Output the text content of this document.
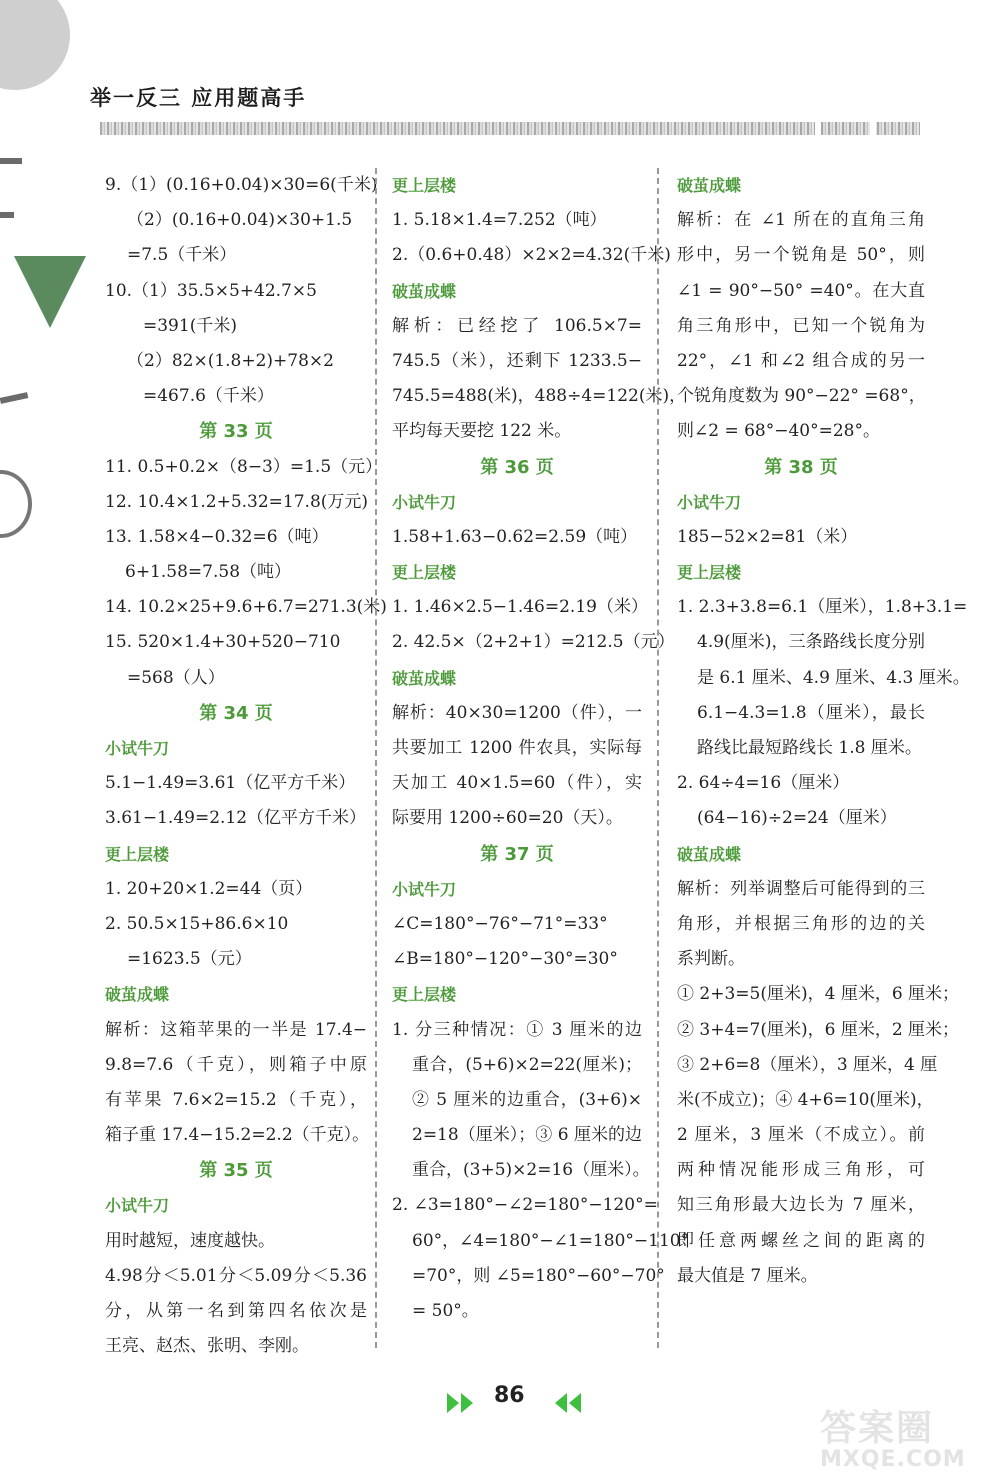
举一反三 应用题高手
9.（1）(0.16+0.04)×30=6(千米)
（2）(0.16+0.04)×30+1.5
=7.5（千米）
10.（1）35.5×5+42.7×5
=391(千米)
（2）82×(1.8+2)+78×2
=467.6（千米）
第 33 页
11. 0.5+0.2×（8−3）=1.5（元）
12. 10.4×1.2+5.32=17.8(万元)
13. 1.58×4−0.32=6（吨）
6+1.58=7.58（吨）
14. 10.2×25+9.6+6.7=271.3(米)
15. 520×1.4+30+520−710
=568（人）
第 34 页
小试牛刀
5.1−1.49=3.61（亿平方千米）
3.61−1.49=2.12（亿平方千米）
更上层楼
1. 20+20×1.2=44（页）
2. 50.5×15+86.6×10
=1623.5（元）
破茧成蝶
解析：这箱苹果的一半是 17.4−
9.8=7.6（千克），则箱子中原
有苹果 7.6×2=15.2（千克），
箱子重 17.4−15.2=2.2（千克）。
第 35 页
小试牛刀
用时越短，速度越快。
4.98分＜5.01分＜5.09分＜5.36
分，从第一名到第四名依次是
王亮、赵杰、张明、李刚。
更上层楼
1. 5.18×1.4=7.252（吨）
2.（0.6+0.48）×2×2=4.32(千米)
破茧成蝶
解析：已经挖了 106.5×7=
745.5（米），还剩下 1233.5−
745.5=488(米)，488÷4=122(米)，
平均每天要挖 122 米。
第 36 页
小试牛刀
1.58+1.63−0.62=2.59（吨）
更上层楼
1. 1.46×2.5−1.46=2.19（米）
2. 42.5×（2+2+1）=212.5（元）
破茧成蝶
解析：40×30=1200（件），一
共要加工 1200 件农具，实际每
天加工 40×1.5=60（件），实
际要用 1200÷60=20（天）。
第 37 页
小试牛刀
∠C=180°−76°−71°=33°
∠B=180°−120°−30°=30°
更上层楼
1. 分三种情况：① 3 厘米的边
重合，(5+6)×2=22(厘米)；
② 5 厘米的边重合，(3+6)×
2=18（厘米）；③ 6 厘米的边
重合，(3+5)×2=16（厘米）。
2. ∠3=180°−∠2=180°−120°=
60°，∠4=180°−∠1=180°−110°
=70°，则 ∠5=180°−60°−70°
= 50°。
破茧成蝶
解析：在 ∠1 所在的直角三角
形中，另一个锐角是 50°，则
∠1 = 90°−50° =40°。在大直
角三角形中，已知一个锐角为
22°，∠1 和∠2 组合成的另一
个锐角度数为 90°−22° =68°，
则∠2 = 68°−40°=28°。
第 38 页
小试牛刀
185−52×2=81（米）
更上层楼
1. 2.3+3.8=6.1（厘米），1.8+3.1=
4.9(厘米)，三条路线长度分别
是 6.1 厘米、4.9 厘米、4.3 厘米。
6.1−4.3=1.8（厘米），最长
路线比最短路线长 1.8 厘米。
2. 64÷4=16（厘米）
(64−16)÷2=24（厘米）
破茧成蝶
解析：列举调整后可能得到的三
角形，并根据三角形的边的关
系判断。
① 2+3=5(厘米)，4 厘米，6 厘米；
② 3+4=7(厘米)，6 厘米，2 厘米；
③ 2+6=8（厘米），3 厘米，4 厘
米(不成立)；④ 4+6=10(厘米)，
2 厘米，3 厘米（不成立）。前
两种情况能形成三角形，可
知三角形最大边长为 7 厘米，
即任意两螺丝之间的距离的
最大值是 7 厘米。
86
答案圈
MXQE.COM
